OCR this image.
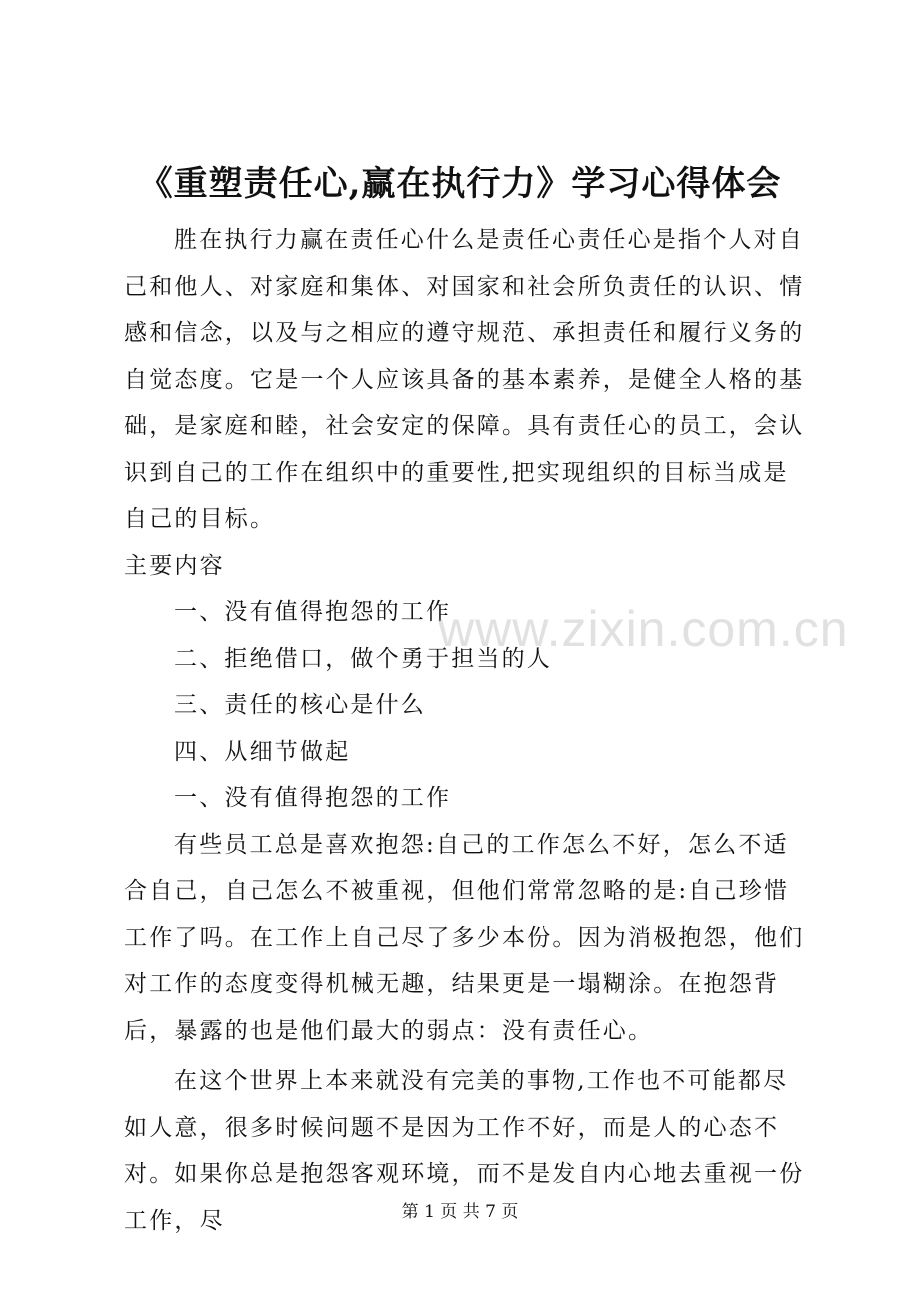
《重塑责任心,赢在执行力》学习心得体会

胜在执行力赢在责任心什么是责任心责任心是指个人对自己和他人、对家庭和集体、对国家和社会所负责任的认识、情感和信念，以及与之相应的遵守规范、承担责任和履行义务的自觉态度。它是一个人应该具备的基本素养，是健全人格的基础，是家庭和睦，社会安定的保障。具有责任心的员工，会认识到自己的工作在组织中的重要性,把实现组织的目标当成是自己的目标。

主要内容

一、没有值得抱怨的工作
二、拒绝借口，做个勇于担当的人
三、责任的核心是什么
四、从细节做起

一、没有值得抱怨的工作

有些员工总是喜欢抱怨:自己的工作怎么不好，怎么不适合自己，自己怎么不被重视，但他们常常忽略的是:自己珍惜工作了吗。在工作上自己尽了多少本份。因为消极抱怨，他们对工作的态度变得机械无趣，结果更是一塌糊涂。在抱怨背后，暴露的也是他们最大的弱点：没有责任心。

在这个世界上本来就没有完美的事物,工作也不可能都尽如人意，很多时候问题不是因为工作不好，而是人的心态不对。如果你总是抱怨客观环境，而不是发自内心地去重视一份工作，尽

www.zixin.com.cn
第 1 页 共 7 页
